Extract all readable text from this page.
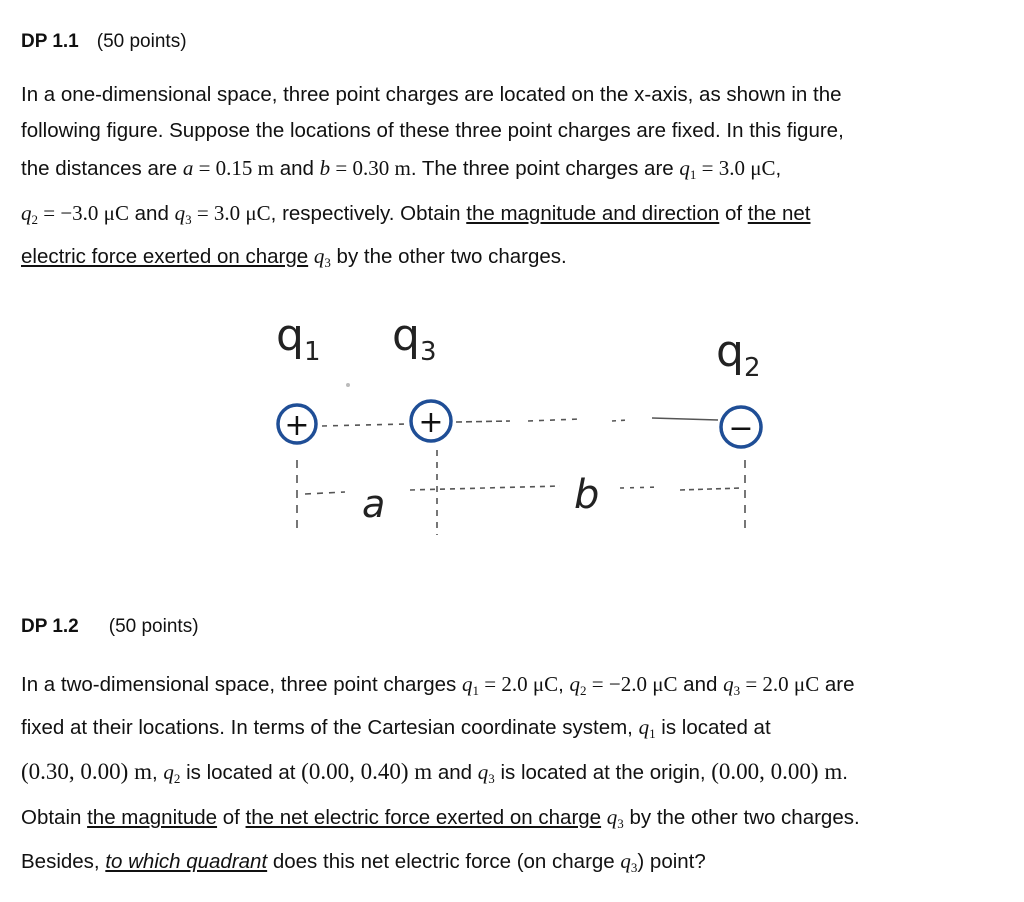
DP 1.1 (50 points)
In a one-dimensional space, three point charges are located on the x-axis, as shown in the
following figure. Suppose the locations of these three point charges are fixed. In this figure,
the distances are a = 0.15 m and b = 0.30 m. The three point charges are $q_1 = 3.0$ μC,
$q_2 = -3.0$ μC and $q_3 = 3.0$ μC, respectively. Obtain the magnitude and direction of the net
electric force exerted on charge $q_3$ by the other two charges.
$q_1$ $q_3$	$q_2$
+	+	−
a	b
DP 1.2 (50 points)
In a two-dimensional space, three point charges $q_1 = 2.0$ μC, $q_2 = -2.0$ μC and $q_3 = 2.0$ μC are
fixed at their locations. In terms of the Cartesian coordinate system, $q_1$ is located at
(0.30, 0.00) m, $q_2$ is located at (0.00, 0.40) m and $q_3$ is located at the origin, (0.00, 0.00) m.
Obtain the magnitude of the net electric force exerted on charge $q_3$ by the other two charges.
Besides, to which quadrant does this net electric force (on charge $q_3$) point?
